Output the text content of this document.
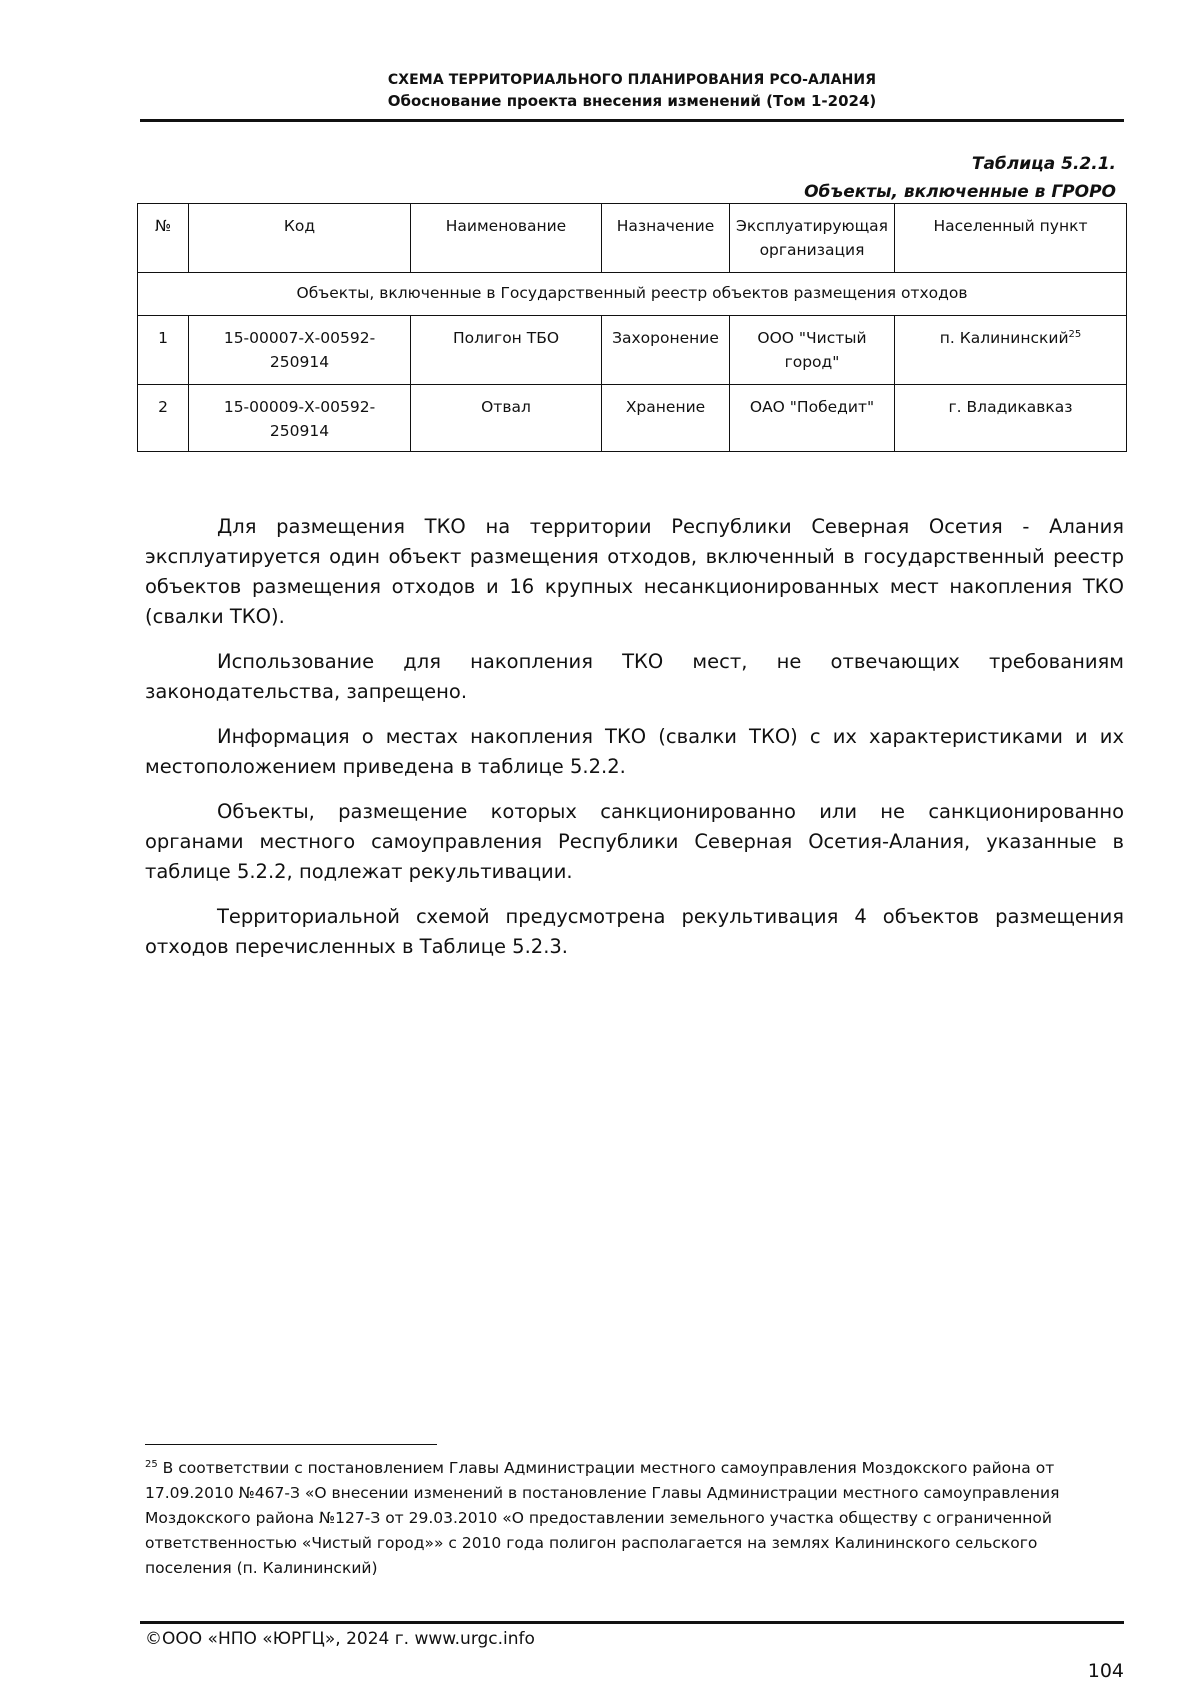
СХЕМА ТЕРРИТОРИАЛЬНОГО ПЛАНИРОВАНИЯ РСО-АЛАНИЯ
Обоснование проекта внесения изменений (Том 1-2024)
Таблица 5.2.1.
Объекты, включенные в ГРОРО
№	Код	Наименование	Назначение	Эксплуатирующая организация	Населенный пункт
Объекты, включенные в Государственный реестр объектов размещения отходов					
1	15-00007-Х-00592-250914	Полигон ТБО	Захоронение	ООО "Чистый город"	п. Калининский$^{25}$
2	15-00009-Х-00592-250914	Отвал	Хранение	ОАО "Победит"	г. Владикавказ

Для размещения ТКО на территории Республики Северная Осетия - Алания эксплуатируется один объект размещения отходов, включенный в государственный реестр объектов размещения отходов и 16 крупных несанкционированных мест накопления ТКО (свалки ТКО).

Использование для накопления ТКО мест, не отвечающих требованиям законодательства, запрещено.

Информация о местах накопления ТКО (свалки ТКО) с их характеристиками и их местоположением приведена в таблице 5.2.2.

Объекты, размещение которых санкционированно или не санкционированно органами местного самоуправления Республики Северная Осетия-Алания, указанные в таблице 5.2.2, подлежат рекультивации.

Территориальной схемой предусмотрена рекультивация 4 объектов размещения отходов перечисленных в Таблице 5.2.3.

$^{25}$ В соответствии с постановлением Главы Администрации местного самоуправления Моздокского района от 17.09.2010 №467-З «О внесении изменений в постановление Главы Администрации местного самоуправления Моздокского района №127-З от 29.03.2010 «О предоставлении земельного участка обществу с ограниченной ответственностью «Чистый город»» с 2010 года полигон располагается на землях Калининского сельского поселения (п. Калининский)
©ООО «НПО «ЮРГЦ», 2024 г. www.urgc.info
104
